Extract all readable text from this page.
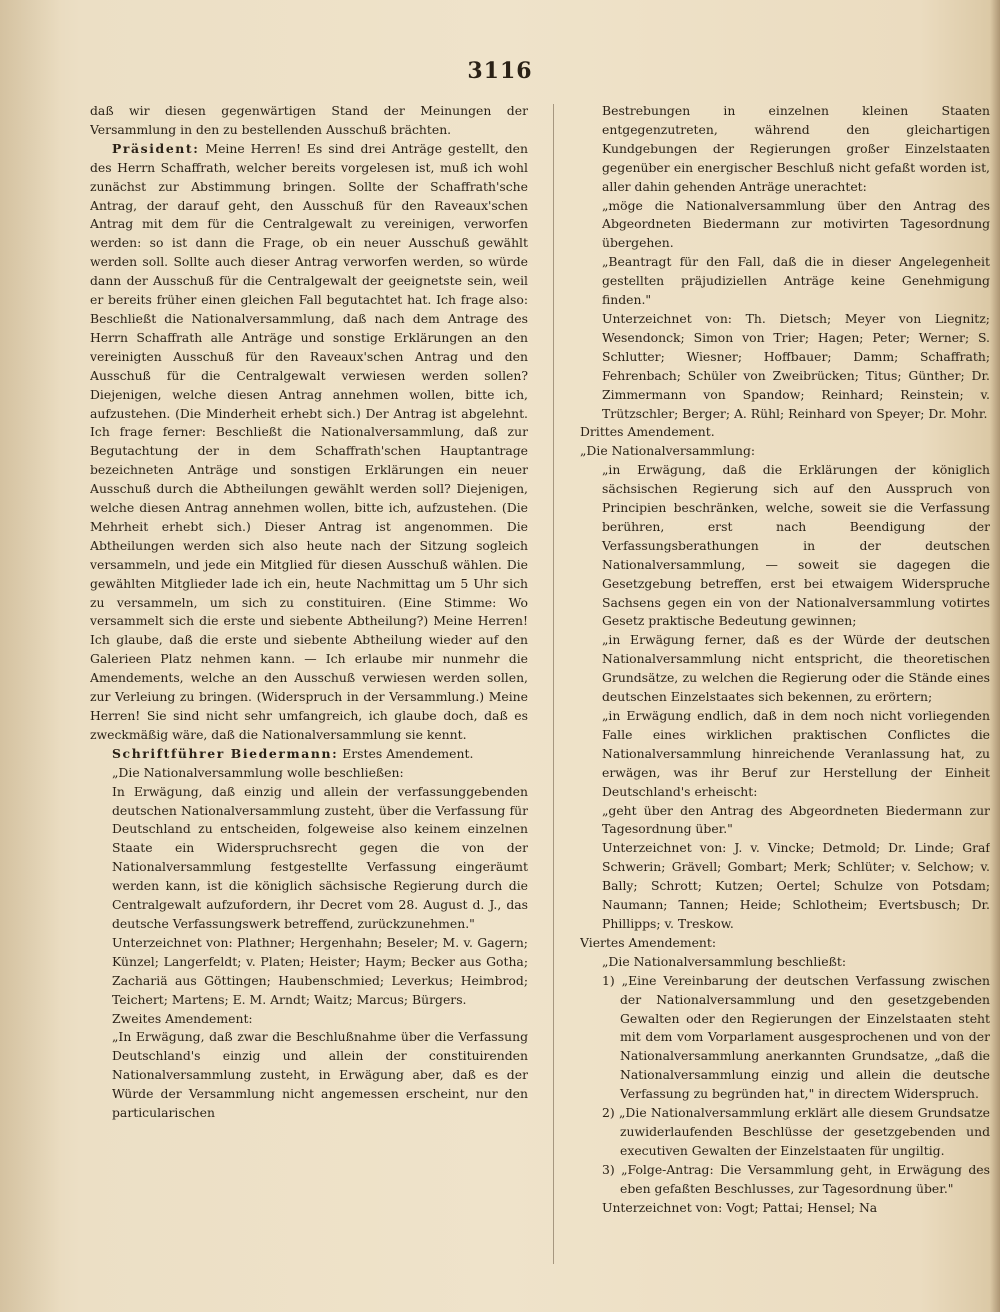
3116

daß wir diesen gegenwärtigen Stand der Meinungen der Versammlung in den zu bestellenden Ausschuß brächten.

Präsident: Meine Herren! Es sind drei Anträge gestellt, den des Herrn Schaffrath, welcher bereits vorgelesen ist, muß ich wohl zunächst zur Abstimmung bringen. Sollte der Schaffrath'sche Antrag, der darauf geht, den Ausschuß für den Raveaux'schen Antrag mit dem für die Centralgewalt zu vereinigen, verworfen werden: so ist dann die Frage, ob ein neuer Ausschuß gewählt werden soll. Sollte auch dieser Antrag verworfen werden, so würde dann der Ausschuß für die Centralgewalt der geeignetste sein, weil er bereits früher einen gleichen Fall begutachtet hat. Ich frage also: Beschließt die Nationalversammlung, daß nach dem Antrage des Herrn Schaffrath alle Anträge und sonstige Erklärungen an den vereinigten Ausschuß für den Raveaux'schen Antrag und den Ausschuß für die Centralgewalt verwiesen werden sollen? Diejenigen, welche diesen Antrag annehmen wollen, bitte ich, aufzustehen. (Die Minderheit erhebt sich.) Der Antrag ist abgelehnt. Ich frage ferner: Beschließt die Nationalversammlung, daß zur Begutachtung der in dem Schaffrath'schen Hauptantrage bezeichneten Anträge und sonstigen Erklärungen ein neuer Ausschuß durch die Abtheilungen gewählt werden soll? Diejenigen, welche diesen Antrag annehmen wollen, bitte ich, aufzustehen. (Die Mehrheit erhebt sich.) Dieser Antrag ist angenommen. Die Abtheilungen werden sich also heute nach der Sitzung sogleich versammeln, und jede ein Mitglied für diesen Ausschuß wählen. Die gewählten Mitglieder lade ich ein, heute Nachmittag um 5 Uhr sich zu versammeln, um sich zu constituiren. (Eine Stimme: Wo versammelt sich die erste und siebente Abtheilung?) Meine Herren! Ich glaube, daß die erste und siebente Abtheilung wieder auf den Galerieen Platz nehmen kann. — Ich erlaube mir nunmehr die Amendements, welche an den Ausschuß verwiesen werden sollen, zur Verleiung zu bringen. (Widerspruch in der Versammlung.) Meine Herren! Sie sind nicht sehr umfangreich, ich glaube doch, daß es zweckmäßig wäre, daß die Nationalversammlung sie kennt.

Schriftführer Biedermann: Erstes Amendement.

„Die Nationalversammlung wolle beschließen:

In Erwägung, daß einzig und allein der verfassunggebenden deutschen Nationalversammlung zusteht, über die Verfassung für Deutschland zu entscheiden, folgeweise also keinem einzelnen Staate ein Widerspruchsrecht gegen die von der Nationalversammlung festgestellte Verfassung eingeräumt werden kann, ist die königlich sächsische Regierung durch die Centralgewalt aufzufordern, ihr Decret vom 28. August d. J., das deutsche Verfassungswerk betreffend, zurückzunehmen."

Unterzeichnet von: Plathner; Hergenhahn; Beseler; M. v. Gagern; Künzel; Langerfeldt; v. Platen; Heister; Haym; Becker aus Gotha; Zachariä aus Göttingen; Haubenschmied; Leverkus; Heimbrod; Teichert; Martens; E. M. Arndt; Waitz; Marcus; Bürgers.

Zweites Amendement:

„In Erwägung, daß zwar die Beschlußnahme über die Verfassung Deutschland's einzig und allein der constituirenden Nationalversammlung zusteht, in Erwägung aber, daß es der Würde der Versammlung nicht angemessen erscheint, nur den particularischen

Bestrebungen in einzelnen kleinen Staaten entgegenzutreten, während den gleichartigen Kundgebungen der Regierungen großer Einzelstaaten gegenüber ein energischer Beschluß nicht gefaßt worden ist, aller dahin gehenden Anträge unerachtet:

„möge die Nationalversammlung über den Antrag des Abgeordneten Biedermann zur motivirten Tagesordnung übergehen.

„Beantragt für den Fall, daß die in dieser Angelegenheit gestellten präjudiziellen Anträge keine Genehmigung finden."

Unterzeichnet von: Th. Dietsch; Meyer von Liegnitz; Wesendonck; Simon von Trier; Hagen; Peter; Werner; S. Schlutter; Wiesner; Hoffbauer; Damm; Schaffrath; Fehrenbach; Schüler von Zweibrücken; Titus; Günther; Dr. Zimmermann von Spandow; Reinhard; Reinstein; v. Trützschler; Berger; A. Rühl; Reinhard von Speyer; Dr. Mohr.

Drittes Amendement.

„Die Nationalversammlung:

„in Erwägung, daß die Erklärungen der königlich sächsischen Regierung sich auf den Ausspruch von Principien beschränken, welche, soweit sie die Verfassung berühren, erst nach Beendigung der Verfassungsberathungen in der deutschen Nationalversammlung, — soweit sie dagegen die Gesetzgebung betreffen, erst bei etwaigem Widerspruche Sachsens gegen ein von der Nationalversammlung votirtes Gesetz praktische Bedeutung gewinnen;

„in Erwägung ferner, daß es der Würde der deutschen Nationalversammlung nicht entspricht, die theoretischen Grundsätze, zu welchen die Regierung oder die Stände eines deutschen Einzelstaates sich bekennen, zu erörtern;

„in Erwägung endlich, daß in dem noch nicht vorliegenden Falle eines wirklichen praktischen Conflictes die Nationalversammlung hinreichende Veranlassung hat, zu erwägen, was ihr Beruf zur Herstellung der Einheit Deutschland's erheischt:

„geht über den Antrag des Abgeordneten Biedermann zur Tagesordnung über."

Unterzeichnet von: J. v. Vincke; Detmold; Dr. Linde; Graf Schwerin; Grävell; Gombart; Merk; Schlüter; v. Selchow; v. Bally; Schrott; Kutzen; Oertel; Schulze von Potsdam; Naumann; Tannen; Heide; Schlotheim; Evertsbusch; Dr. Phillipps; v. Treskow.

Viertes Amendement:

„Die Nationalversammlung beschließt:

1) „Eine Vereinbarung der deutschen Verfassung zwischen der Nationalversammlung und den gesetzgebenden Gewalten oder den Regierungen der Einzelstaaten steht mit dem vom Vorparlament ausgesprochenen und von der Nationalversammlung anerkannten Grundsatze, „daß die Nationalversammlung einzig und allein die deutsche Verfassung zu begründen hat," in directem Widerspruch.

2) „Die Nationalversammlung erklärt alle diesem Grundsatze zuwiderlaufenden Beschlüsse der gesetzgebenden und executiven Gewalten der Einzelstaaten für ungiltig.

3) „Folge-Antrag: Die Versammlung geht, in Erwägung des eben gefaßten Beschlusses, zur Tagesordnung über."

Unterzeichnet von: Vogt; Pattai; Hensel; Na
